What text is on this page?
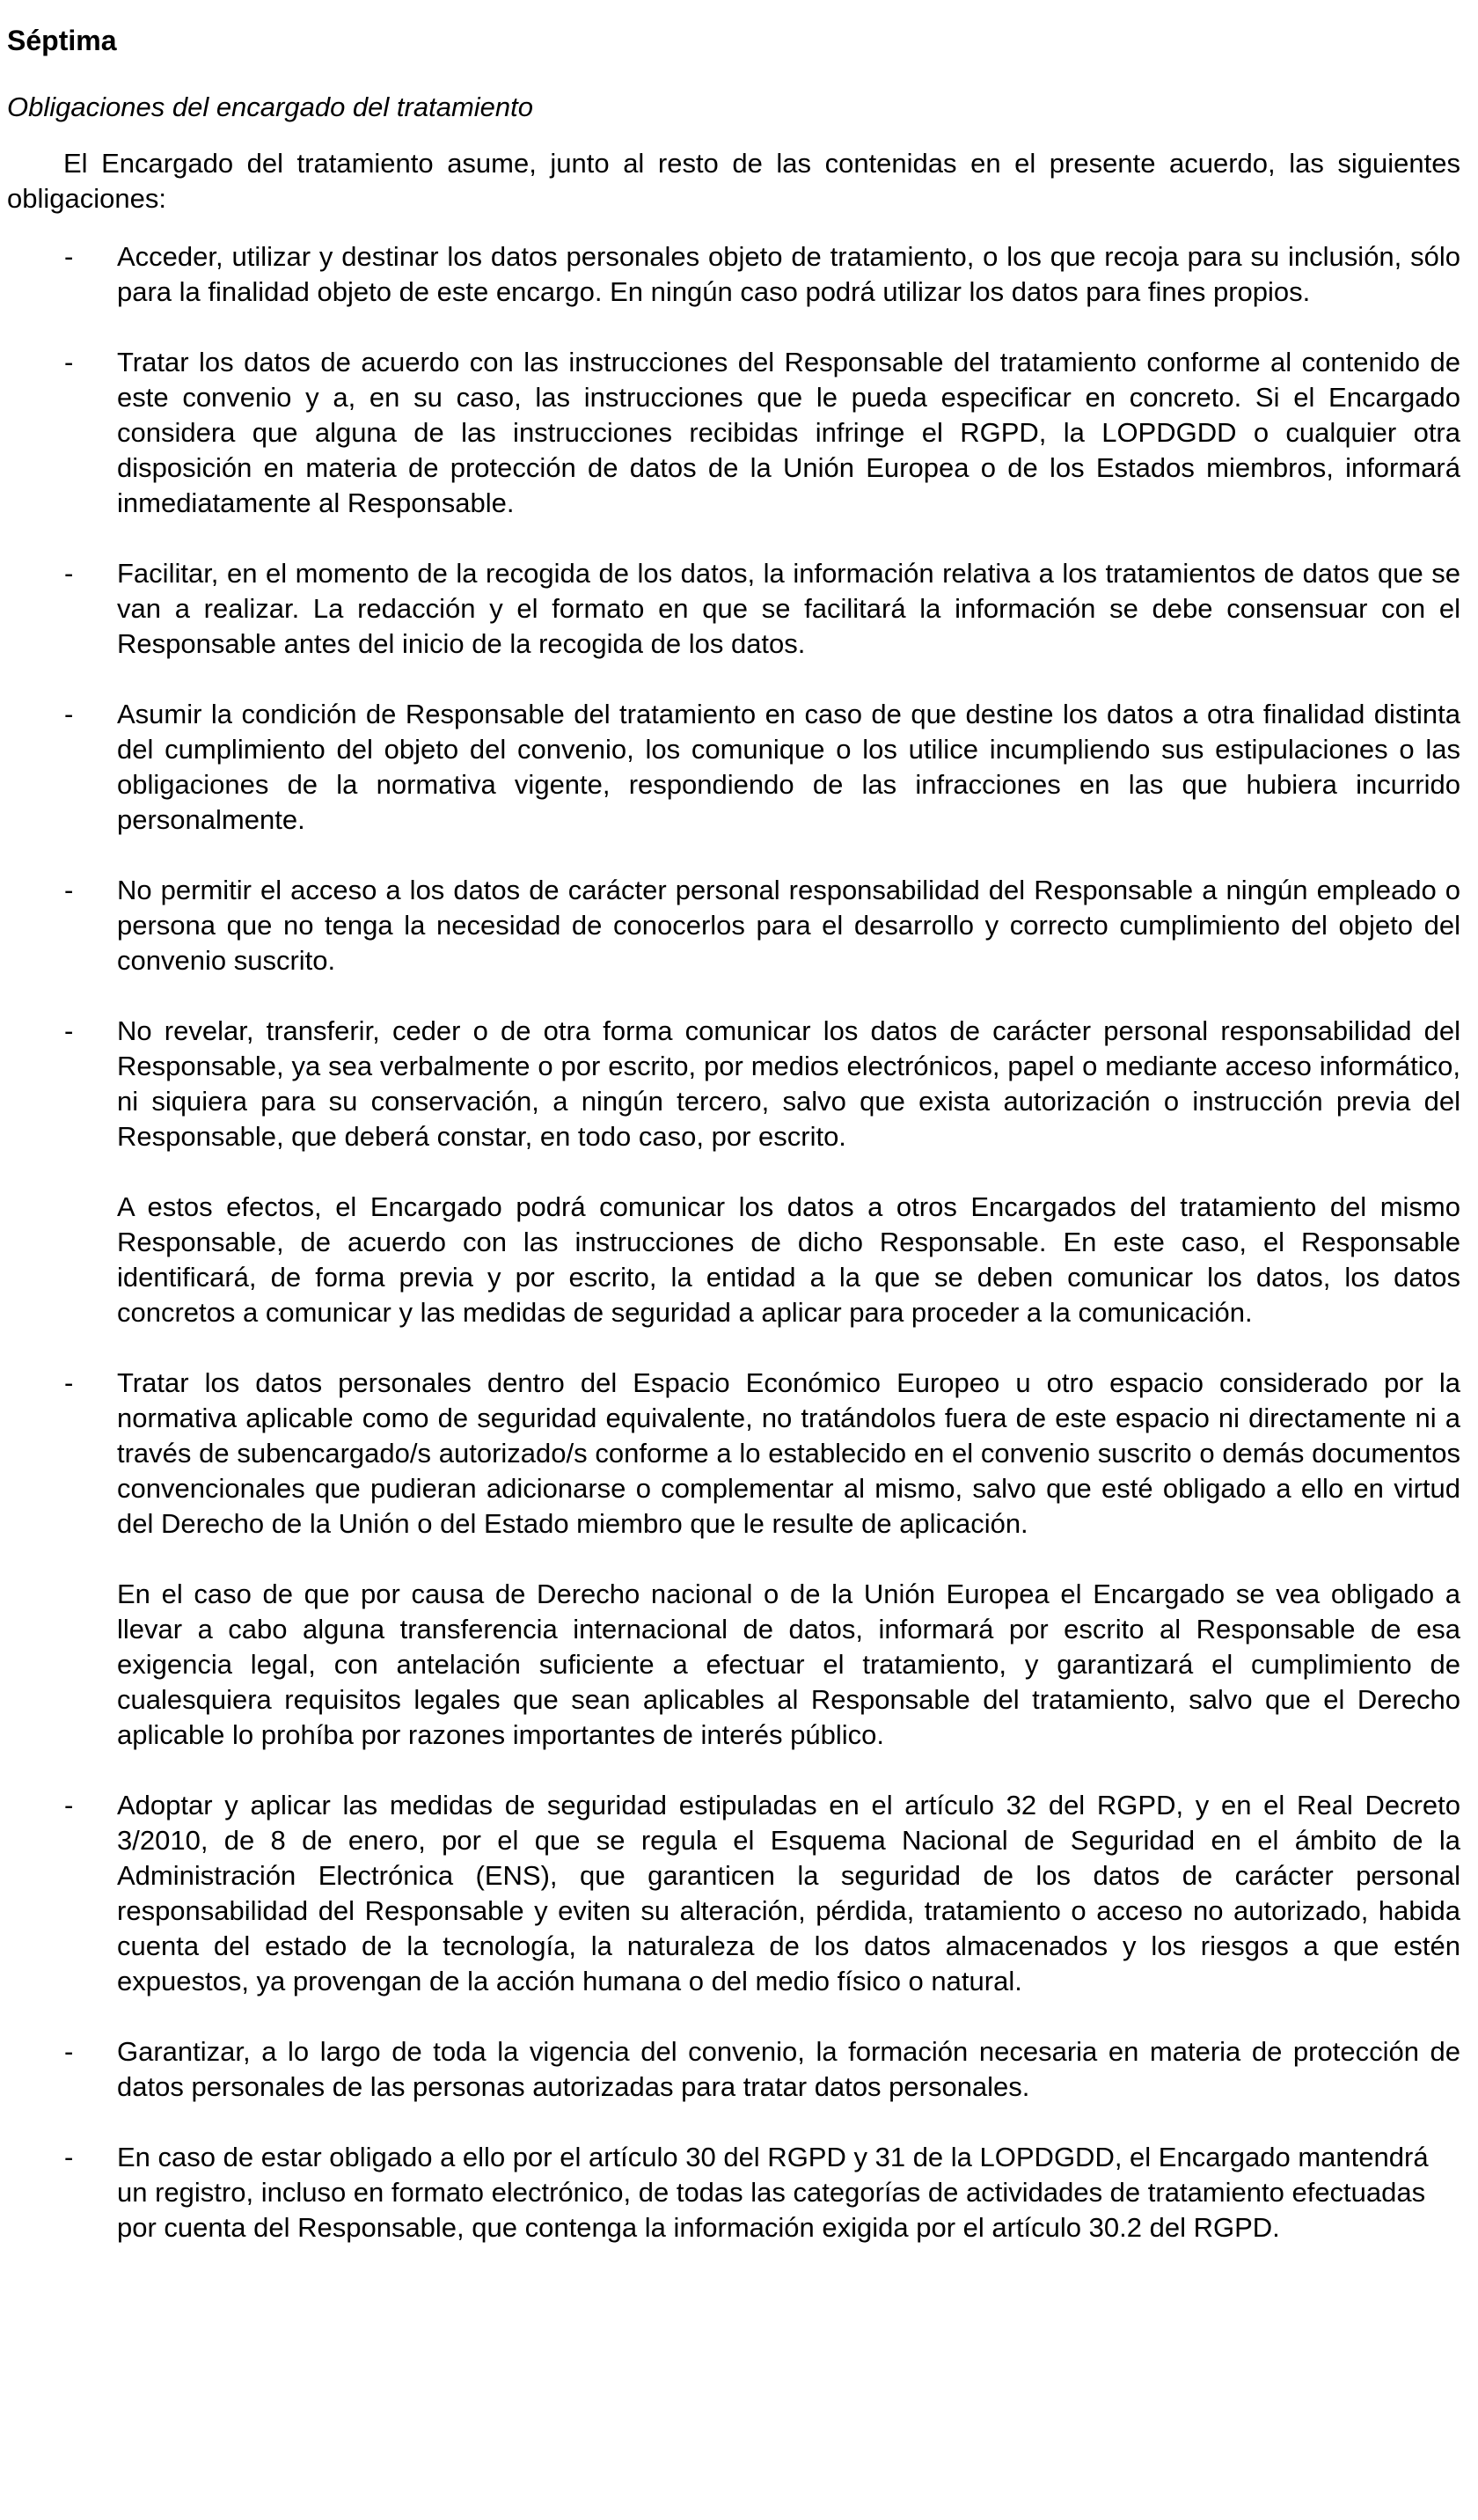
Séptima
Obligaciones del encargado del tratamiento

El Encargado del tratamiento asume, junto al resto de las contenidas en el presente acuerdo, las siguientes obligaciones:

-	Acceder, utilizar y destinar los datos personales objeto de tratamiento, o los que recoja para su inclusión, sólo para la finalidad objeto de este encargo. En ningún caso podrá utilizar los datos para fines propios.

-	Tratar los datos de acuerdo con las instrucciones del Responsable del tratamiento conforme al contenido de este convenio y a, en su caso, las instrucciones que le pueda especificar en concreto. Si el Encargado considera que alguna de las instrucciones recibidas infringe el RGPD, la LOPDGDD o cualquier otra disposición en materia de protección de datos de la Unión Europea o de los Estados miembros, informará inmediatamente al Responsable.

-	Facilitar, en el momento de la recogida de los datos, la información relativa a los tratamientos de datos que se van a realizar. La redacción y el formato en que se facilitará la información se debe consensuar con el Responsable antes del inicio de la recogida de los datos.

-	Asumir la condición de Responsable del tratamiento en caso de que destine los datos a otra finalidad distinta del cumplimiento del objeto del convenio, los comunique o los utilice incumpliendo sus estipulaciones o las obligaciones de la normativa vigente, respondiendo de las infracciones en las que hubiera incurrido personalmente.

-	No permitir el acceso a los datos de carácter personal responsabilidad del Responsable a ningún empleado o persona que no tenga la necesidad de conocerlos para el desarrollo y correcto cumplimiento del objeto del convenio suscrito.

-	No revelar, transferir, ceder o de otra forma comunicar los datos de carácter personal responsabilidad del Responsable, ya sea verbalmente o por escrito, por medios electrónicos, papel o mediante acceso informático, ni siquiera para su conservación, a ningún tercero, salvo que exista autorización o instrucción previa del Responsable, que deberá constar, en todo caso, por escrito.

A estos efectos, el Encargado podrá comunicar los datos a otros Encargados del tratamiento del mismo Responsable, de acuerdo con las instrucciones de dicho Responsable. En este caso, el Responsable identificará, de forma previa y por escrito, la entidad a la que se deben comunicar los datos, los datos concretos a comunicar y las medidas de seguridad a aplicar para proceder a la comunicación.

-	Tratar los datos personales dentro del Espacio Económico Europeo u otro espacio considerado por la normativa aplicable como de seguridad equivalente, no tratándolos fuera de este espacio ni directamente ni a través de subencargado/s autorizado/s conforme a lo establecido en el convenio suscrito o demás documentos convencionales que pudieran adicionarse o complementar al mismo, salvo que esté obligado a ello en virtud del Derecho de la Unión o del Estado miembro que le resulte de aplicación.

En el caso de que por causa de Derecho nacional o de la Unión Europea el Encargado se vea obligado a llevar a cabo alguna transferencia internacional de datos, informará por escrito al Responsable de esa exigencia legal, con antelación suficiente a efectuar el tratamiento, y garantizará el cumplimiento de cualesquiera requisitos legales que sean aplicables al Responsable del tratamiento, salvo que el Derecho aplicable lo prohíba por razones importantes de interés público.

-	Adoptar y aplicar las medidas de seguridad estipuladas en el artículo 32 del RGPD, y en el Real Decreto 3/2010, de 8 de enero, por el que se regula el Esquema Nacional de Seguridad en el ámbito de la Administración Electrónica (ENS), que garanticen la seguridad de los datos de carácter personal responsabilidad del Responsable y eviten su alteración, pérdida, tratamiento o acceso no autorizado, habida cuenta del estado de la tecnología, la naturaleza de los datos almacenados y los riesgos a que estén expuestos, ya provengan de la acción humana o del medio físico o natural.

-	Garantizar, a lo largo de toda la vigencia del convenio, la formación necesaria en materia de protección de datos personales de las personas autorizadas para tratar datos personales.

-	En caso de estar obligado a ello por el artículo 30 del RGPD y 31 de la LOPDGDD, el Encargado mantendrá un registro, incluso en formato electrónico, de todas las categorías de actividades de tratamiento efectuadas por cuenta del Responsable, que contenga la información exigida por el artículo 30.2 del RGPD.
